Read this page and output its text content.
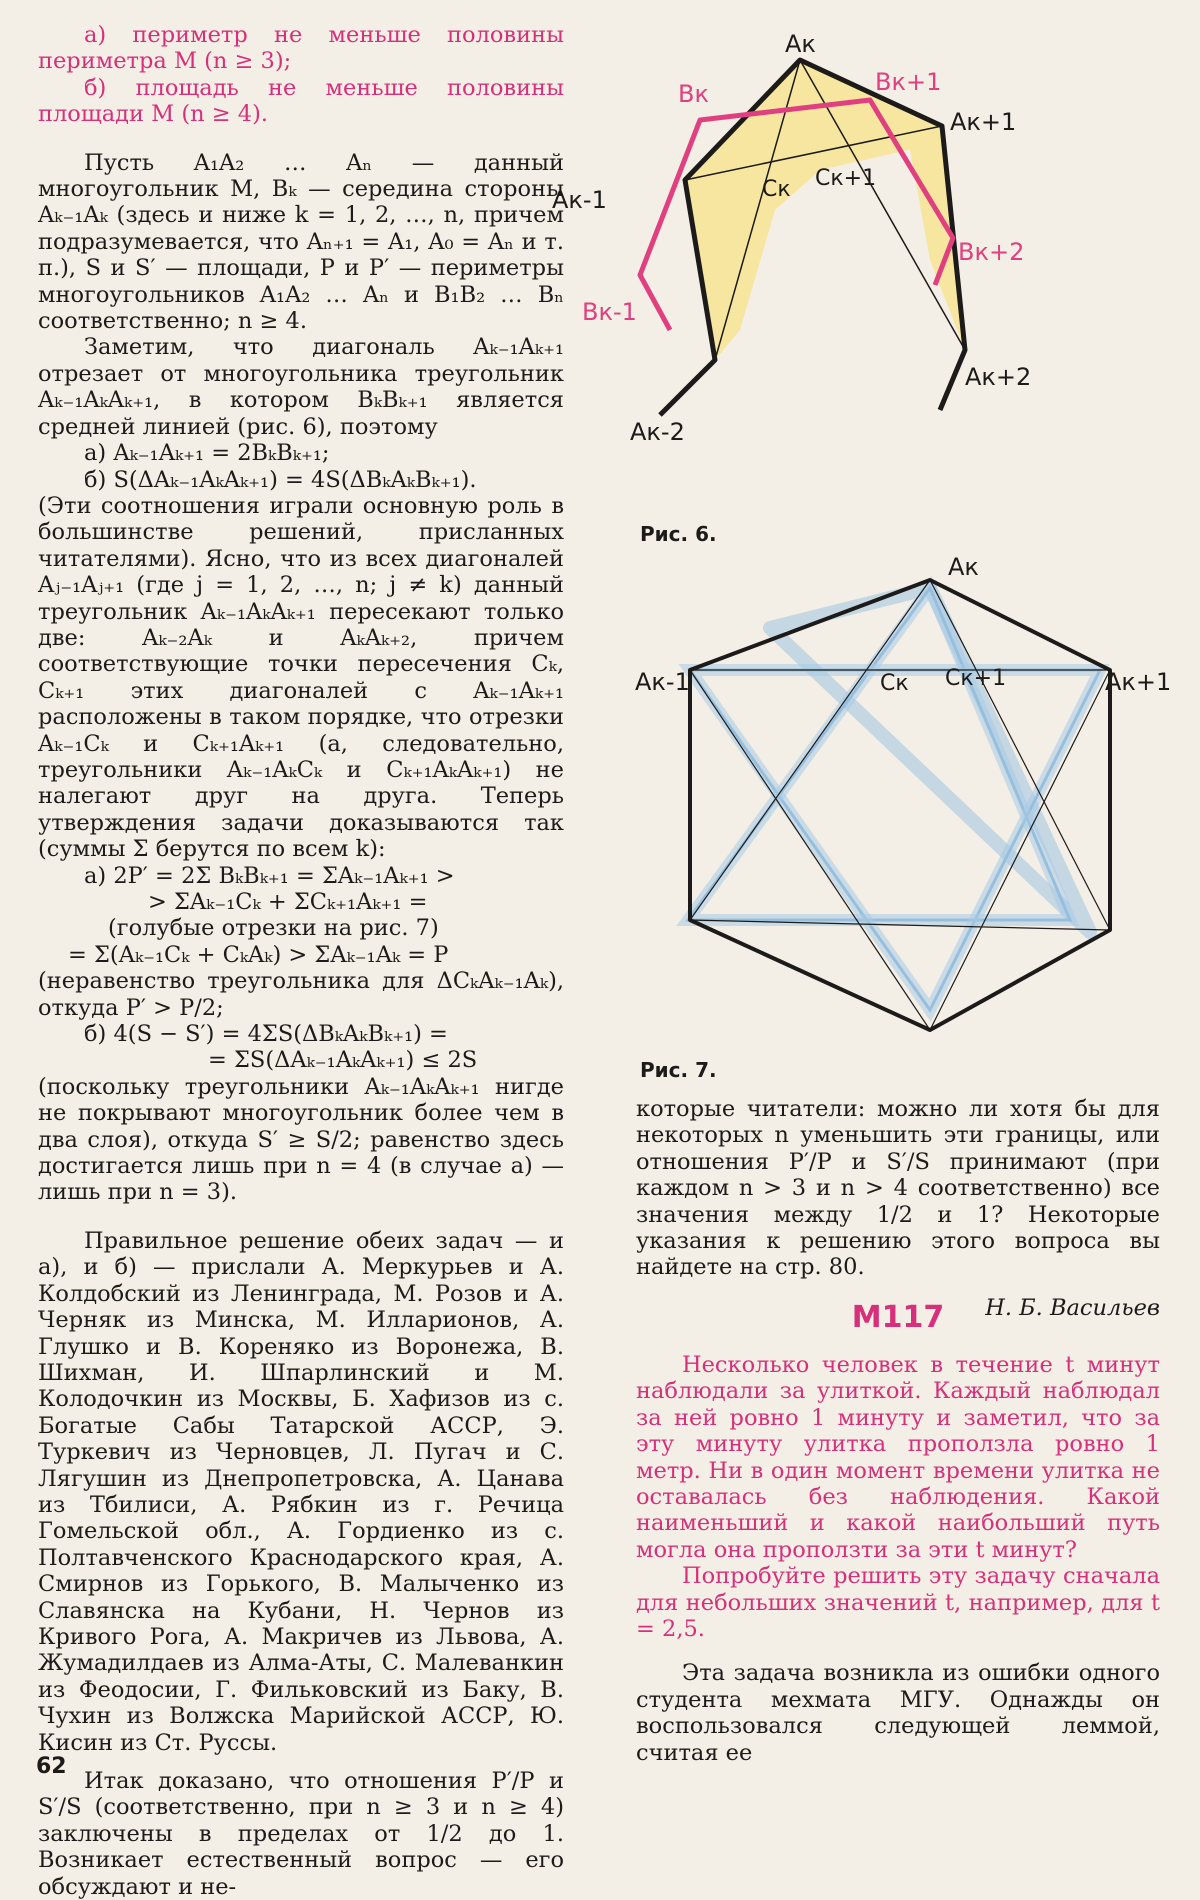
а) периметр не меньше половины периметра M (n ≥ 3);

б) площадь не меньше половины площади M (n ≥ 4).

Пусть A₁A₂ … Aₙ — данный многоугольник M, Bₖ — середина стороны Aₖ₋₁Aₖ (здесь и ниже k = 1, 2, …, n, причем подразумевается, что Aₙ₊₁ = A₁, A₀ = Aₙ и т. п.), S и S′ — площади, P и P′ — периметры многоугольников A₁A₂ … Aₙ и B₁B₂ … Bₙ соответственно; n ≥ 4.

Заметим, что диагональ Aₖ₋₁Aₖ₊₁ отрезает от многоугольника треугольник Aₖ₋₁AₖAₖ₊₁, в котором BₖBₖ₊₁ является средней линией (рис. 6), поэтому

а) Aₖ₋₁Aₖ₊₁ = 2BₖBₖ₊₁;

б) S(ΔAₖ₋₁AₖAₖ₊₁) = 4S(ΔBₖAₖBₖ₊₁).

(Эти соотношения играли основную роль в большинстве решений, присланных читателями). Ясно, что из всех диагоналей Aⱼ₋₁Aⱼ₊₁ (где j = 1, 2, …, n; j ≠ k) данный треугольник Aₖ₋₁AₖAₖ₊₁ пересекают только две: Aₖ₋₂Aₖ и AₖAₖ₊₂, причем соответствующие точки пересечения Cₖ, Cₖ₊₁ этих диагоналей с Aₖ₋₁Aₖ₊₁ расположены в таком порядке, что отрезки Aₖ₋₁Cₖ и Cₖ₊₁Aₖ₊₁ (а, следовательно, треугольники Aₖ₋₁AₖCₖ и Cₖ₊₁AₖAₖ₊₁) не налегают друг на друга. Теперь утверждения задачи доказываются так (суммы Σ берутся по всем k):

а) 2P′ = 2Σ BₖBₖ₊₁ = ΣAₖ₋₁Aₖ₊₁ >

> ΣAₖ₋₁Cₖ + ΣCₖ₊₁Aₖ₊₁ =

(голубые отрезки на рис. 7)

= Σ(Aₖ₋₁Cₖ + CₖAₖ) > ΣAₖ₋₁Aₖ = P

(неравенство треугольника для ΔCₖAₖ₋₁Aₖ), откуда P′ > P/2;

б) 4(S − S′) = 4ΣS(ΔBₖAₖBₖ₊₁) =

= ΣS(ΔAₖ₋₁AₖAₖ₊₁) ≤ 2S

(поскольку треугольники Aₖ₋₁AₖAₖ₊₁ нигде не покрывают многоугольник более чем в два слоя), откуда S′ ≥ S/2; равенство здесь достигается лишь при n = 4 (в случае а) — лишь при n = 3).

Правильное решение обеих задач — и а), и б) — прислали А. Меркурьев и А. Колдобский из Ленинграда, М. Розов и А. Черняк из Минска, М. Илларионов, А. Глушко и В. Кореняко из Воронежа, В. Шихман, И. Шпарлинский и М. Колодочкин из Москвы, Б. Хафизов из с. Богатые Сабы Татарской АССР, Э. Туркевич из Черновцев, Л. Пугач и С. Лягушин из Днепропетровска, А. Цанава из Тбилиси, А. Рябкин из г. Речица Гомельской обл., А. Гордиенко из с. Полтавченского Краснодарского края, А. Смирнов из Горького, В. Малыченко из Славянска на Кубани, Н. Чернов из Кривого Рога, А. Макричев из Львова, А. Жумадилдаев из Алма-Аты, С. Малеванкин из Феодосии, Г. Фильковский из Баку, В. Чухин из Волжска Марийской АССР, Ю. Кисин из Ст. Руссы.

Итак доказано, что отношения P′/P и S′/S (соответственно, при n ≥ 3 и n ≥ 4) заключены в пределах от 1/2 до 1. Возникает естественный вопрос — его обсуждают и не-

Aк
Bк	Bк+1
Aк+1
Cк Cк+1
Aк-1
Bк+2
Bк-1
Aк+2
Aк-2
Рис. 6.
Aк
Aк-1	Aк+1
Cк Cк+1
Рис. 7.

которые читатели: можно ли хотя бы для некоторых n уменьшить эти границы, или отношения P′/P и S′/S принимают (при каждом n > 3 и n > 4 соответственно) все значения между 1/2 и 1? Некоторые указания к решению этого вопроса вы найдете на стр. 80.

Н. Б. Васильев

М117

Несколько человек в течение t минут наблюдали за улиткой. Каждый наблюдал за ней ровно 1 минуту и заметил, что за эту минуту улитка проползла ровно 1 метр. Ни в один момент времени улитка не оставалась без наблюдения. Какой наименьший и какой наибольший путь могла она проползти за эти t минут?

Попробуйте решить эту задачу сначала для небольших значений t, например, для t = 2,5.

Эта задача возникла из ошибки одного студента мехмата МГУ. Однажды он воспользовался следующей леммой, считая ее

62
